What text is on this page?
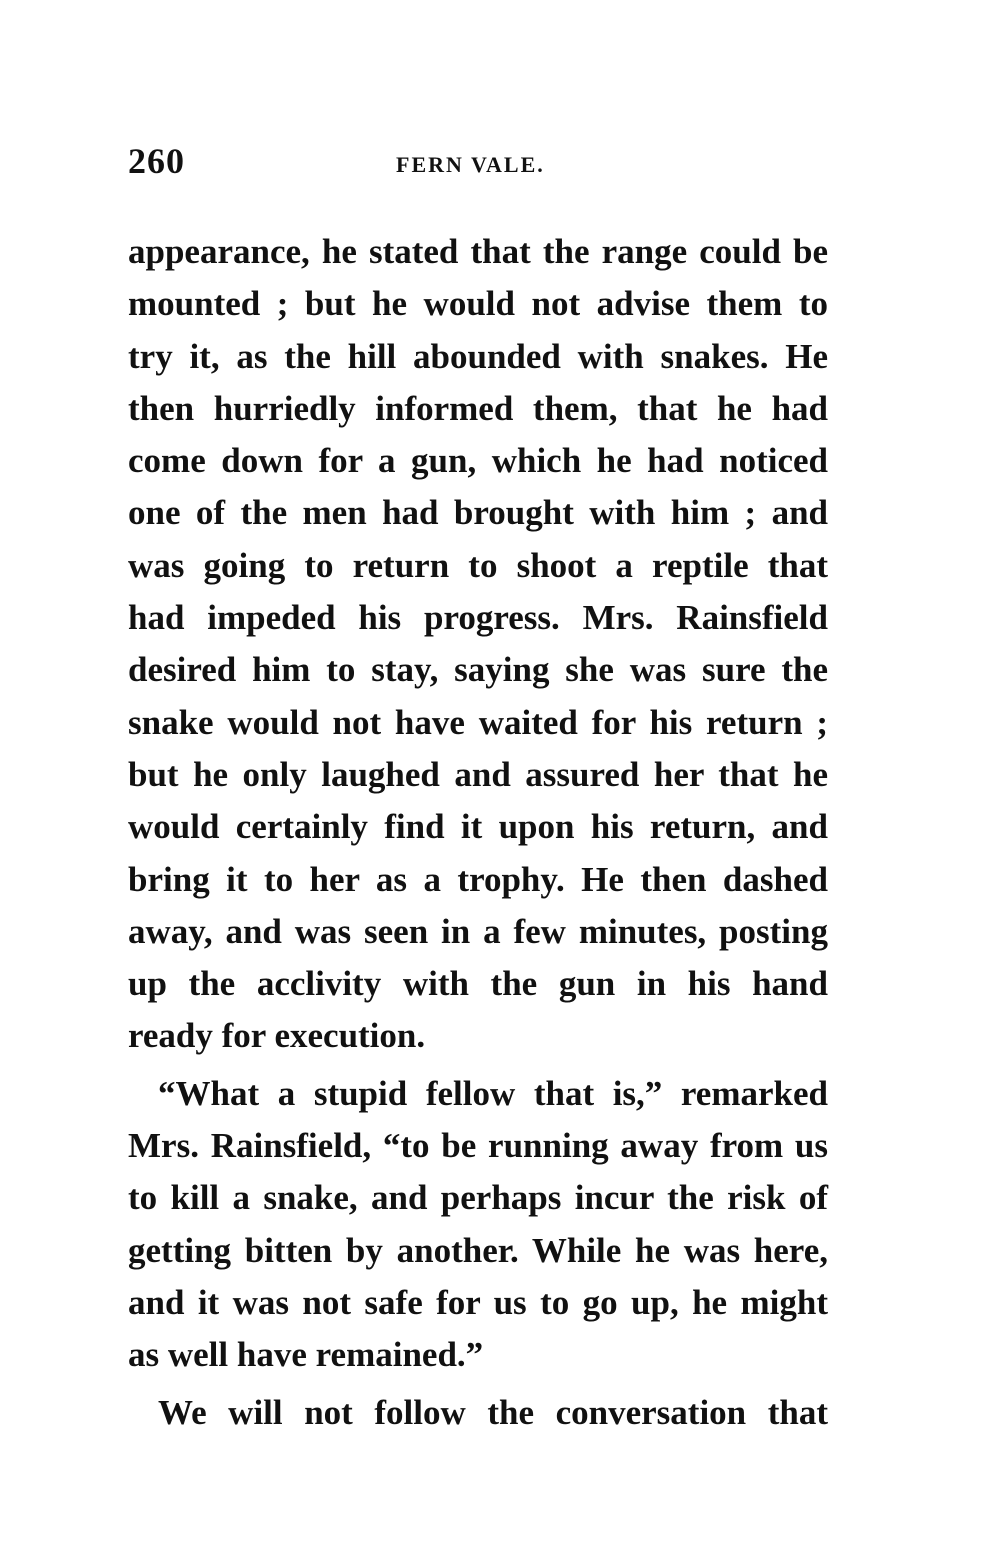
260	FERN VALE.
appearance, he stated that the range could be
mounted ; but he would not advise them to
try it, as the hill abounded with snakes. He
then hurriedly informed them, that he had
come down for a gun, which he had noticed
one of the men had brought with him ; and
was going to return to shoot a reptile that
had impeded his progress. Mrs. Rainsfield
desired him to stay, saying she was sure the
snake would not have waited for his return ;
but he only laughed and assured her that he
would certainly find it upon his return, and
bring it to her as a trophy. He then dashed
away, and was seen in a few minutes, posting
up the acclivity with the gun in his hand
ready for execution.
“What a stupid fellow that is,” remarked
Mrs. Rainsfield, “to be running away from us
to kill a snake, and perhaps incur the risk of
getting bitten by another. While he was here,
and it was not safe for us to go up, he might
as well have remained.”
We will not follow the conversation that
